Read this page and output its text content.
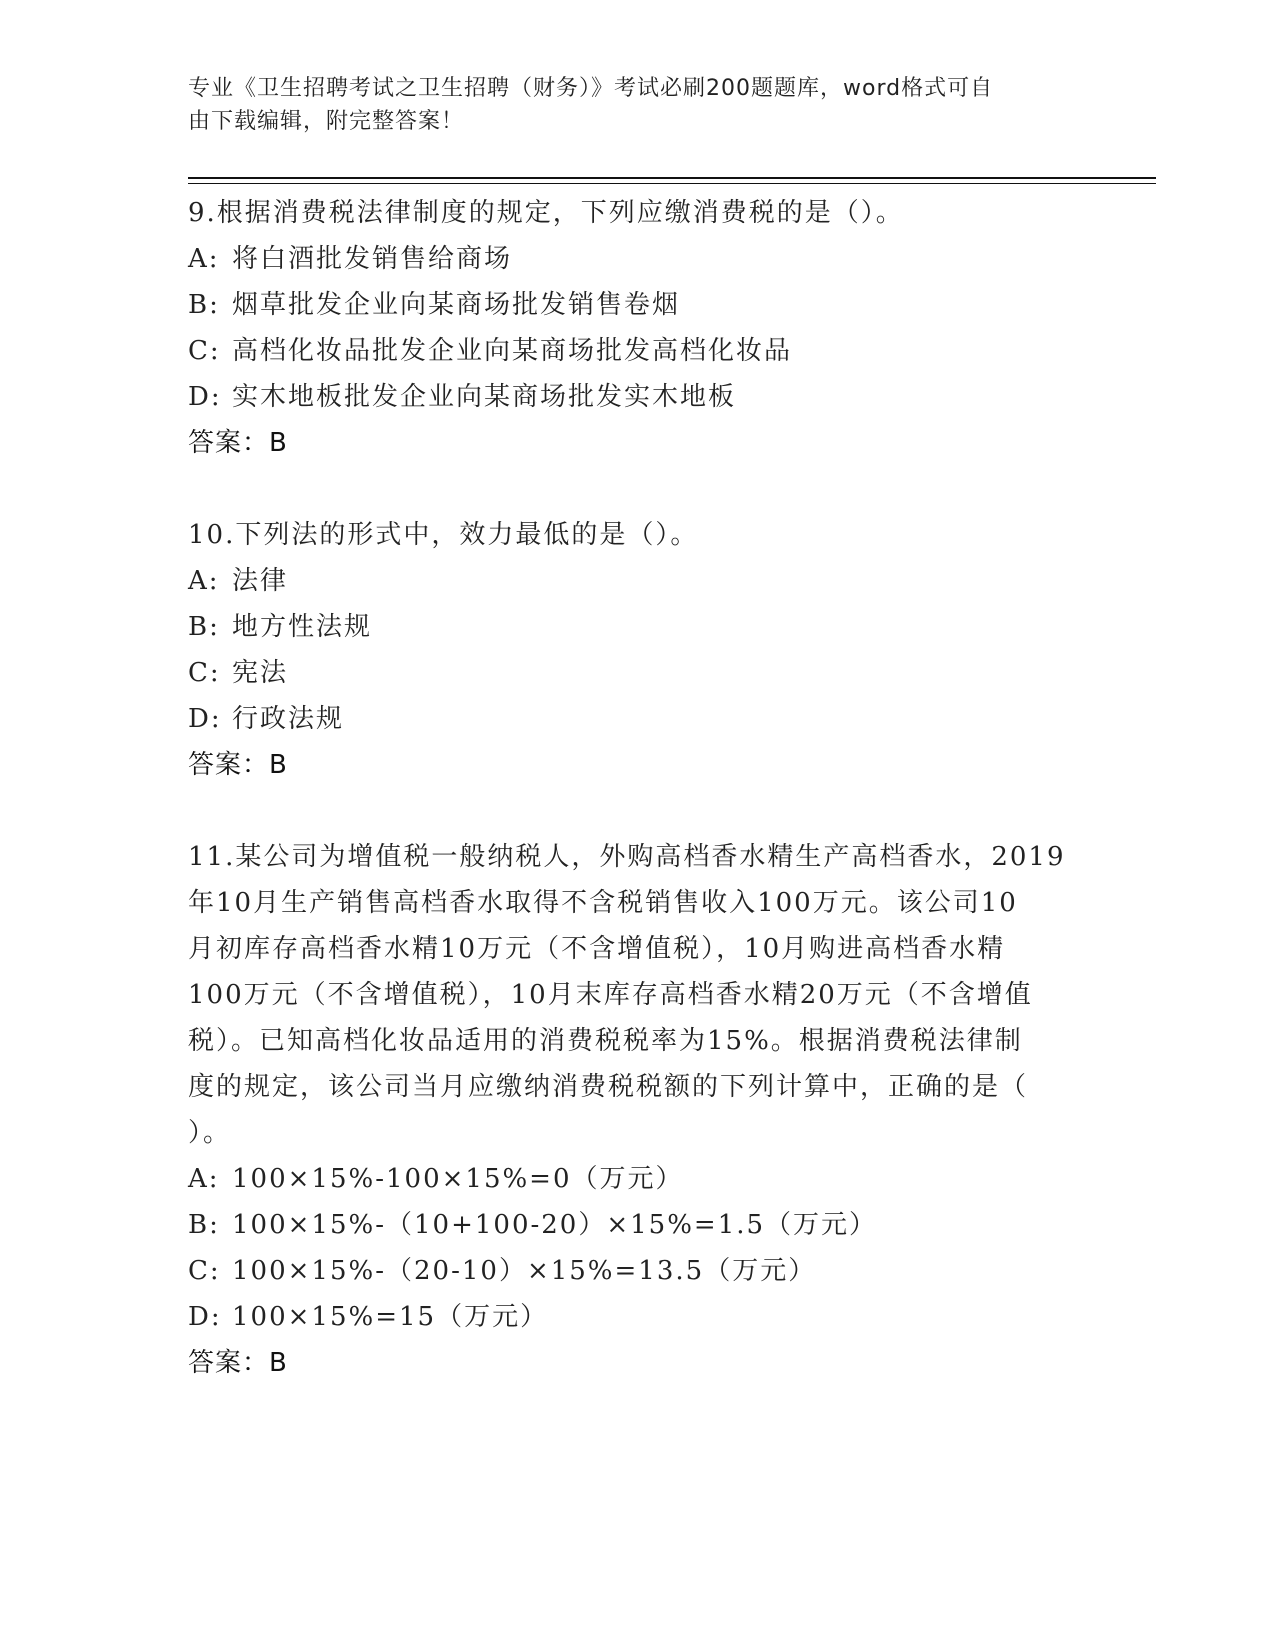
专业《卫生招聘考试之卫生招聘（财务）》考试必刷200题题库，word格式可自
由下载编辑，附完整答案！
9.根据消费税法律制度的规定，下列应缴消费税的是（）。
A: 将白酒批发销售给商场
B: 烟草批发企业向某商场批发销售卷烟
C: 高档化妆品批发企业向某商场批发高档化妆品
D: 实木地板批发企业向某商场批发实木地板
答案：B
10.下列法的形式中，效力最低的是（）。
A: 法律
B: 地方性法规
C: 宪法
D: 行政法规
答案：B
11.某公司为增值税一般纳税人，外购高档香水精生产高档香水，2019
年10月生产销售高档香水取得不含税销售收入100万元。该公司10
月初库存高档香水精10万元（不含增值税），10月购进高档香水精
100万元（不含增值税），10月末库存高档香水精20万元（不含增值
税）。已知高档化妆品适用的消费税税率为15%。根据消费税法律制
度的规定，该公司当月应缴纳消费税税额的下列计算中，正确的是（
）。
A: 100×15%-100×15%=0（万元）
B: 100×15%-（10+100-20）×15%=1.5（万元）
C: 100×15%-（20-10）×15%=13.5（万元）
D: 100×15%=15（万元）
答案：B
